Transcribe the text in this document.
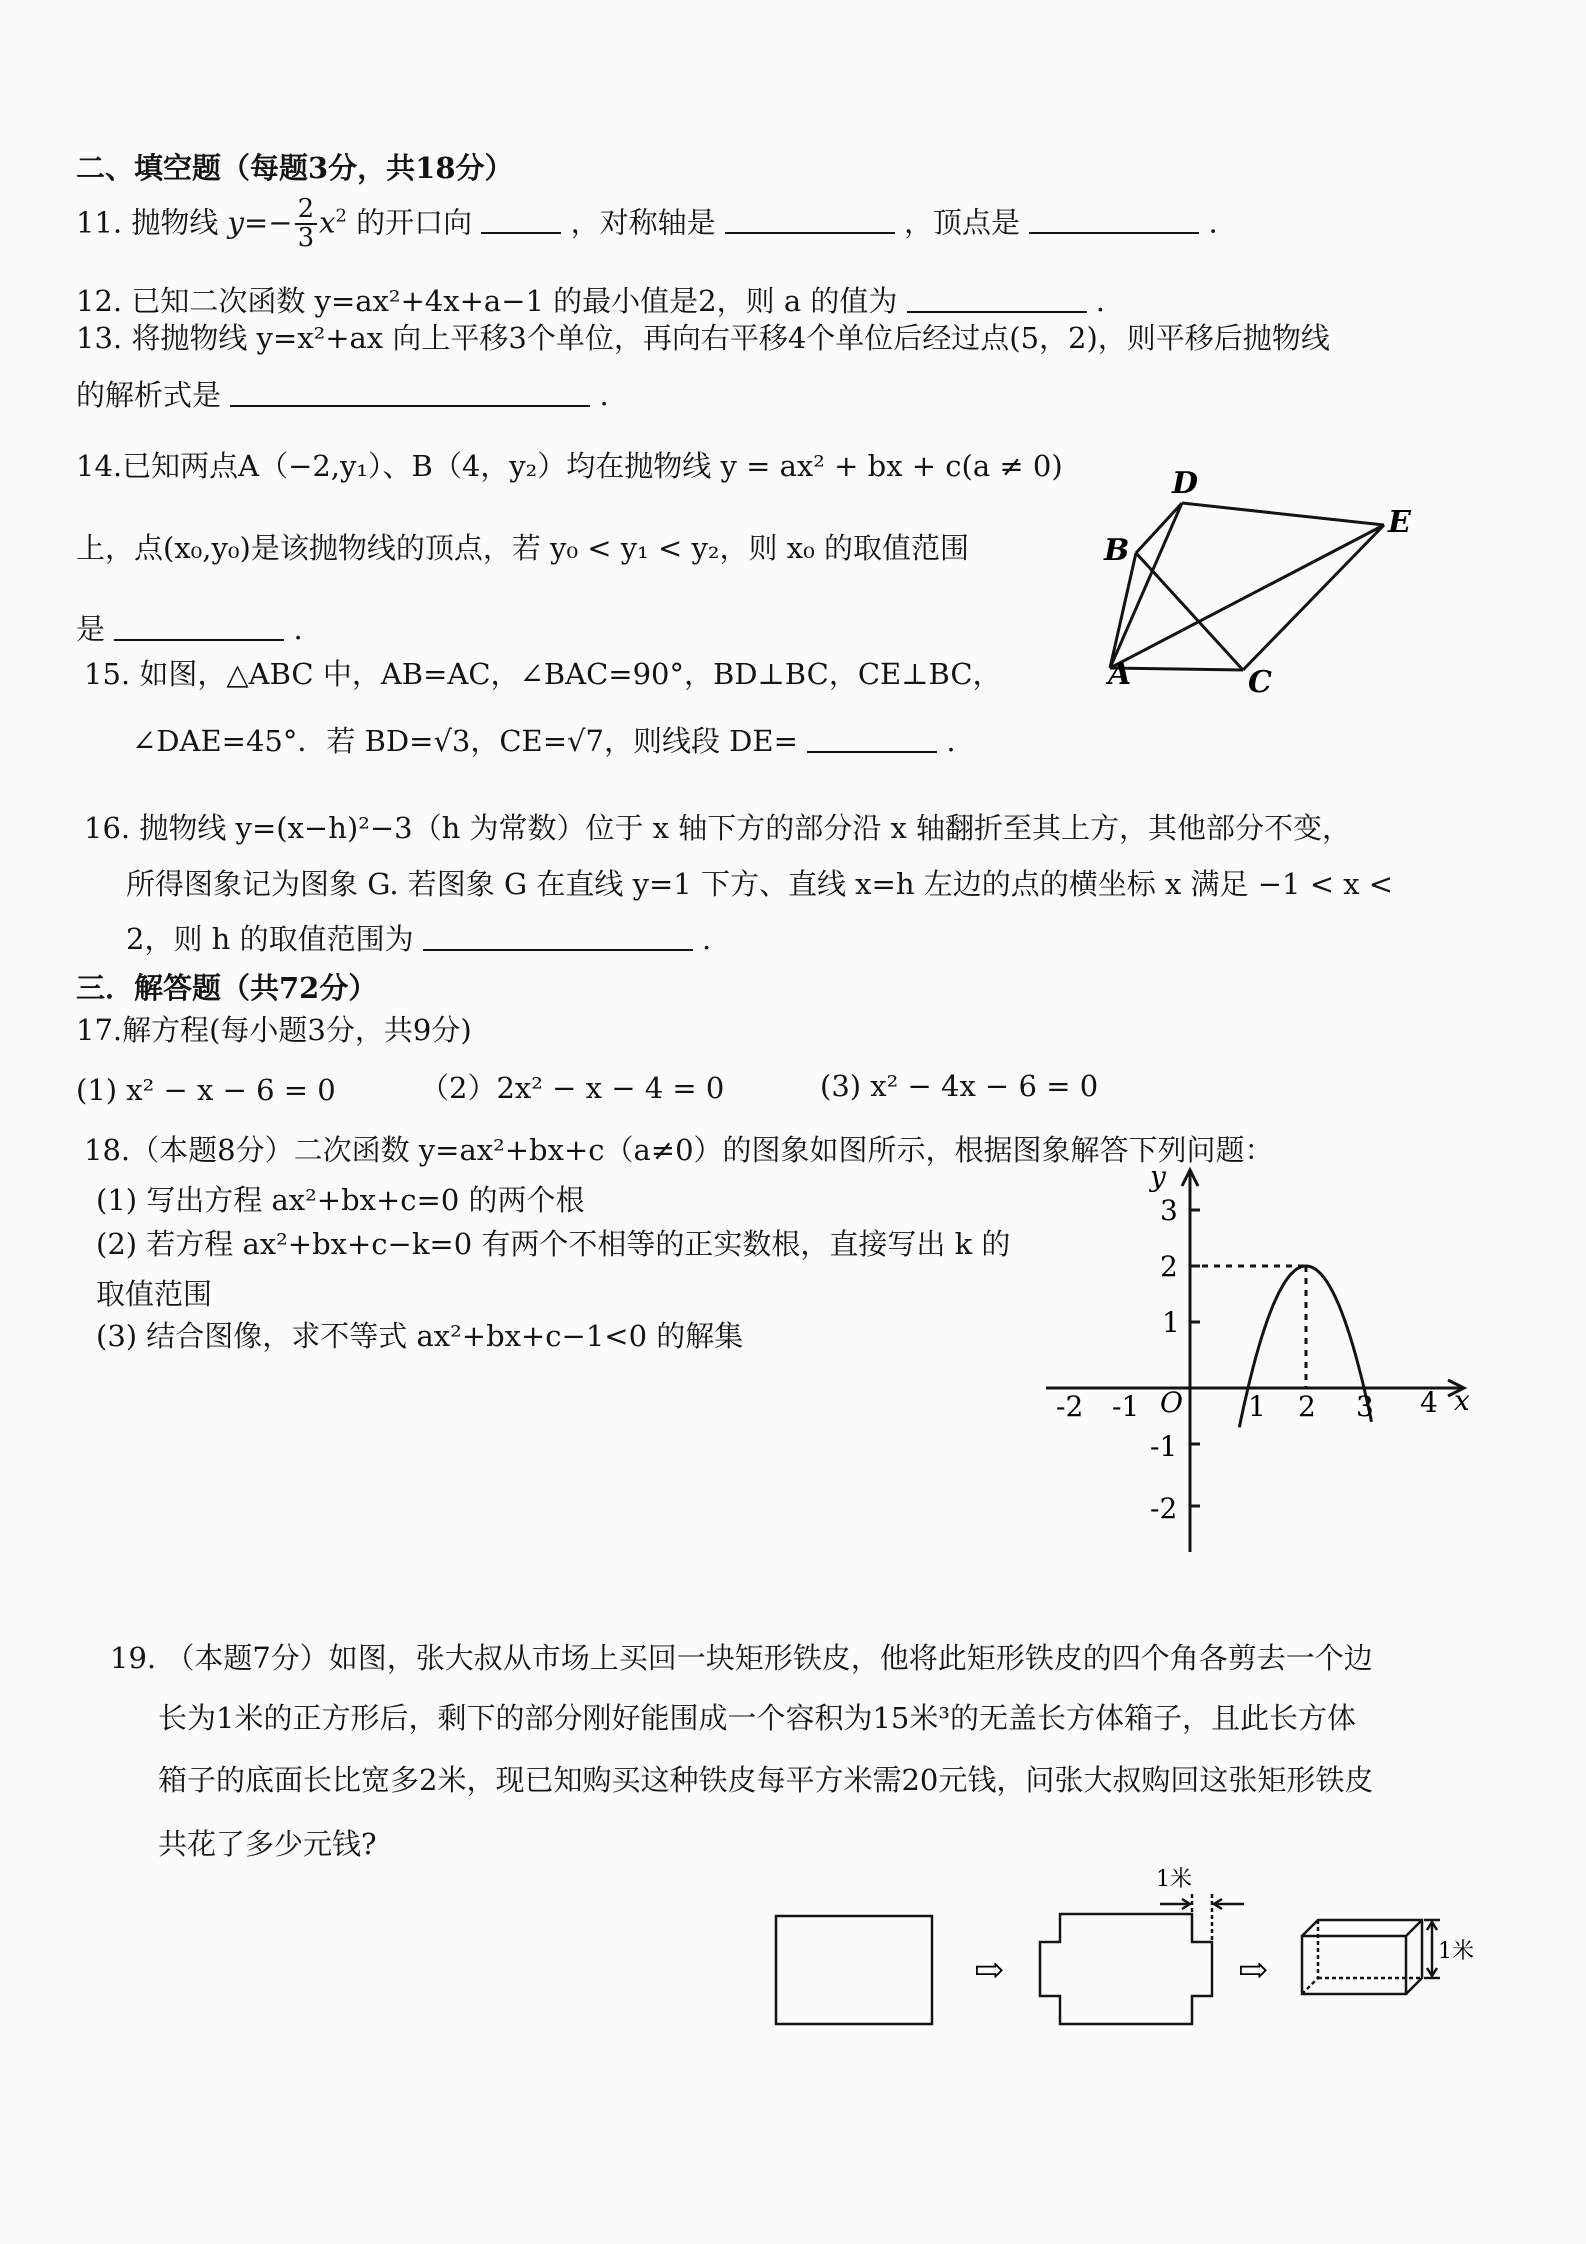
二、填空题（每题3分，共18分）
11. 抛物线 $y=- \frac{2}{3} x^2$ 的开口向	，对称轴是	，顶点是	.
12. 已知二次函数 y=ax²+4x+a−1 的最小值是2，则 a 的值为	.
13. 将抛物线 y=x²+ax 向上平移3个单位，再向右平移4个单位后经过点(5，2)，则平移后抛物线
的解析式是	.
14.已知两点A（−2,y₁）、B（4，y₂）均在抛物线 y = ax² + bx + c(a ≠ 0)
上，点(x₀,y₀)是该抛物线的顶点，若 y₀ < y₁ < y₂，则 x₀ 的取值范围
是	.
D
E
B
A	C
15. 如图，△ABC 中，AB=AC，∠BAC=90°，BD⊥BC，CE⊥BC，
∠DAE=45°．若 BD=√3，CE=√7，则线段 DE=	.
16. 抛物线 y=(x−h)²−3（h 为常数）位于 x 轴下方的部分沿 x 轴翻折至其上方，其他部分不变，
所得图象记为图象 G. 若图象 G 在直线 y=1 下方、直线 x=h 左边的点的横坐标 x 满足 −1 < x <
2，则 h 的取值范围为	.
三．解答题（共72分）
17.解方程(每小题3分，共9分)
(1) x² − x − 6 = 0	（2）2x² − x − 4 = 0	(3) x² − 4x − 6 = 0
18.（本题8分）二次函数 y=ax²+bx+c（a≠0）的图象如图所示，根据图象解答下列问题：
(1) 写出方程 ax²+bx+c=0 的两个根
(2) 若方程 ax²+bx+c−k=0 有两个不相等的正实数根，直接写出 k 的
取值范围
(3) 结合图像，求不等式 ax²+bx+c−1<0 的解集
y
x
O
-2 -1	1 2 3 4
3
2
1
-1
-2
19. （本题7分）如图，张大叔从市场上买回一块矩形铁皮，他将此矩形铁皮的四个角各剪去一个边
长为1米的正方形后，剩下的部分刚好能围成一个容积为15米³的无盖长方体箱子，且此长方体
箱子的底面长比宽多2米，现已知购买这种铁皮每平方米需20元钱，问张大叔购回这张矩形铁皮
共花了多少元钱?
⇨	⇨
1米
1米
